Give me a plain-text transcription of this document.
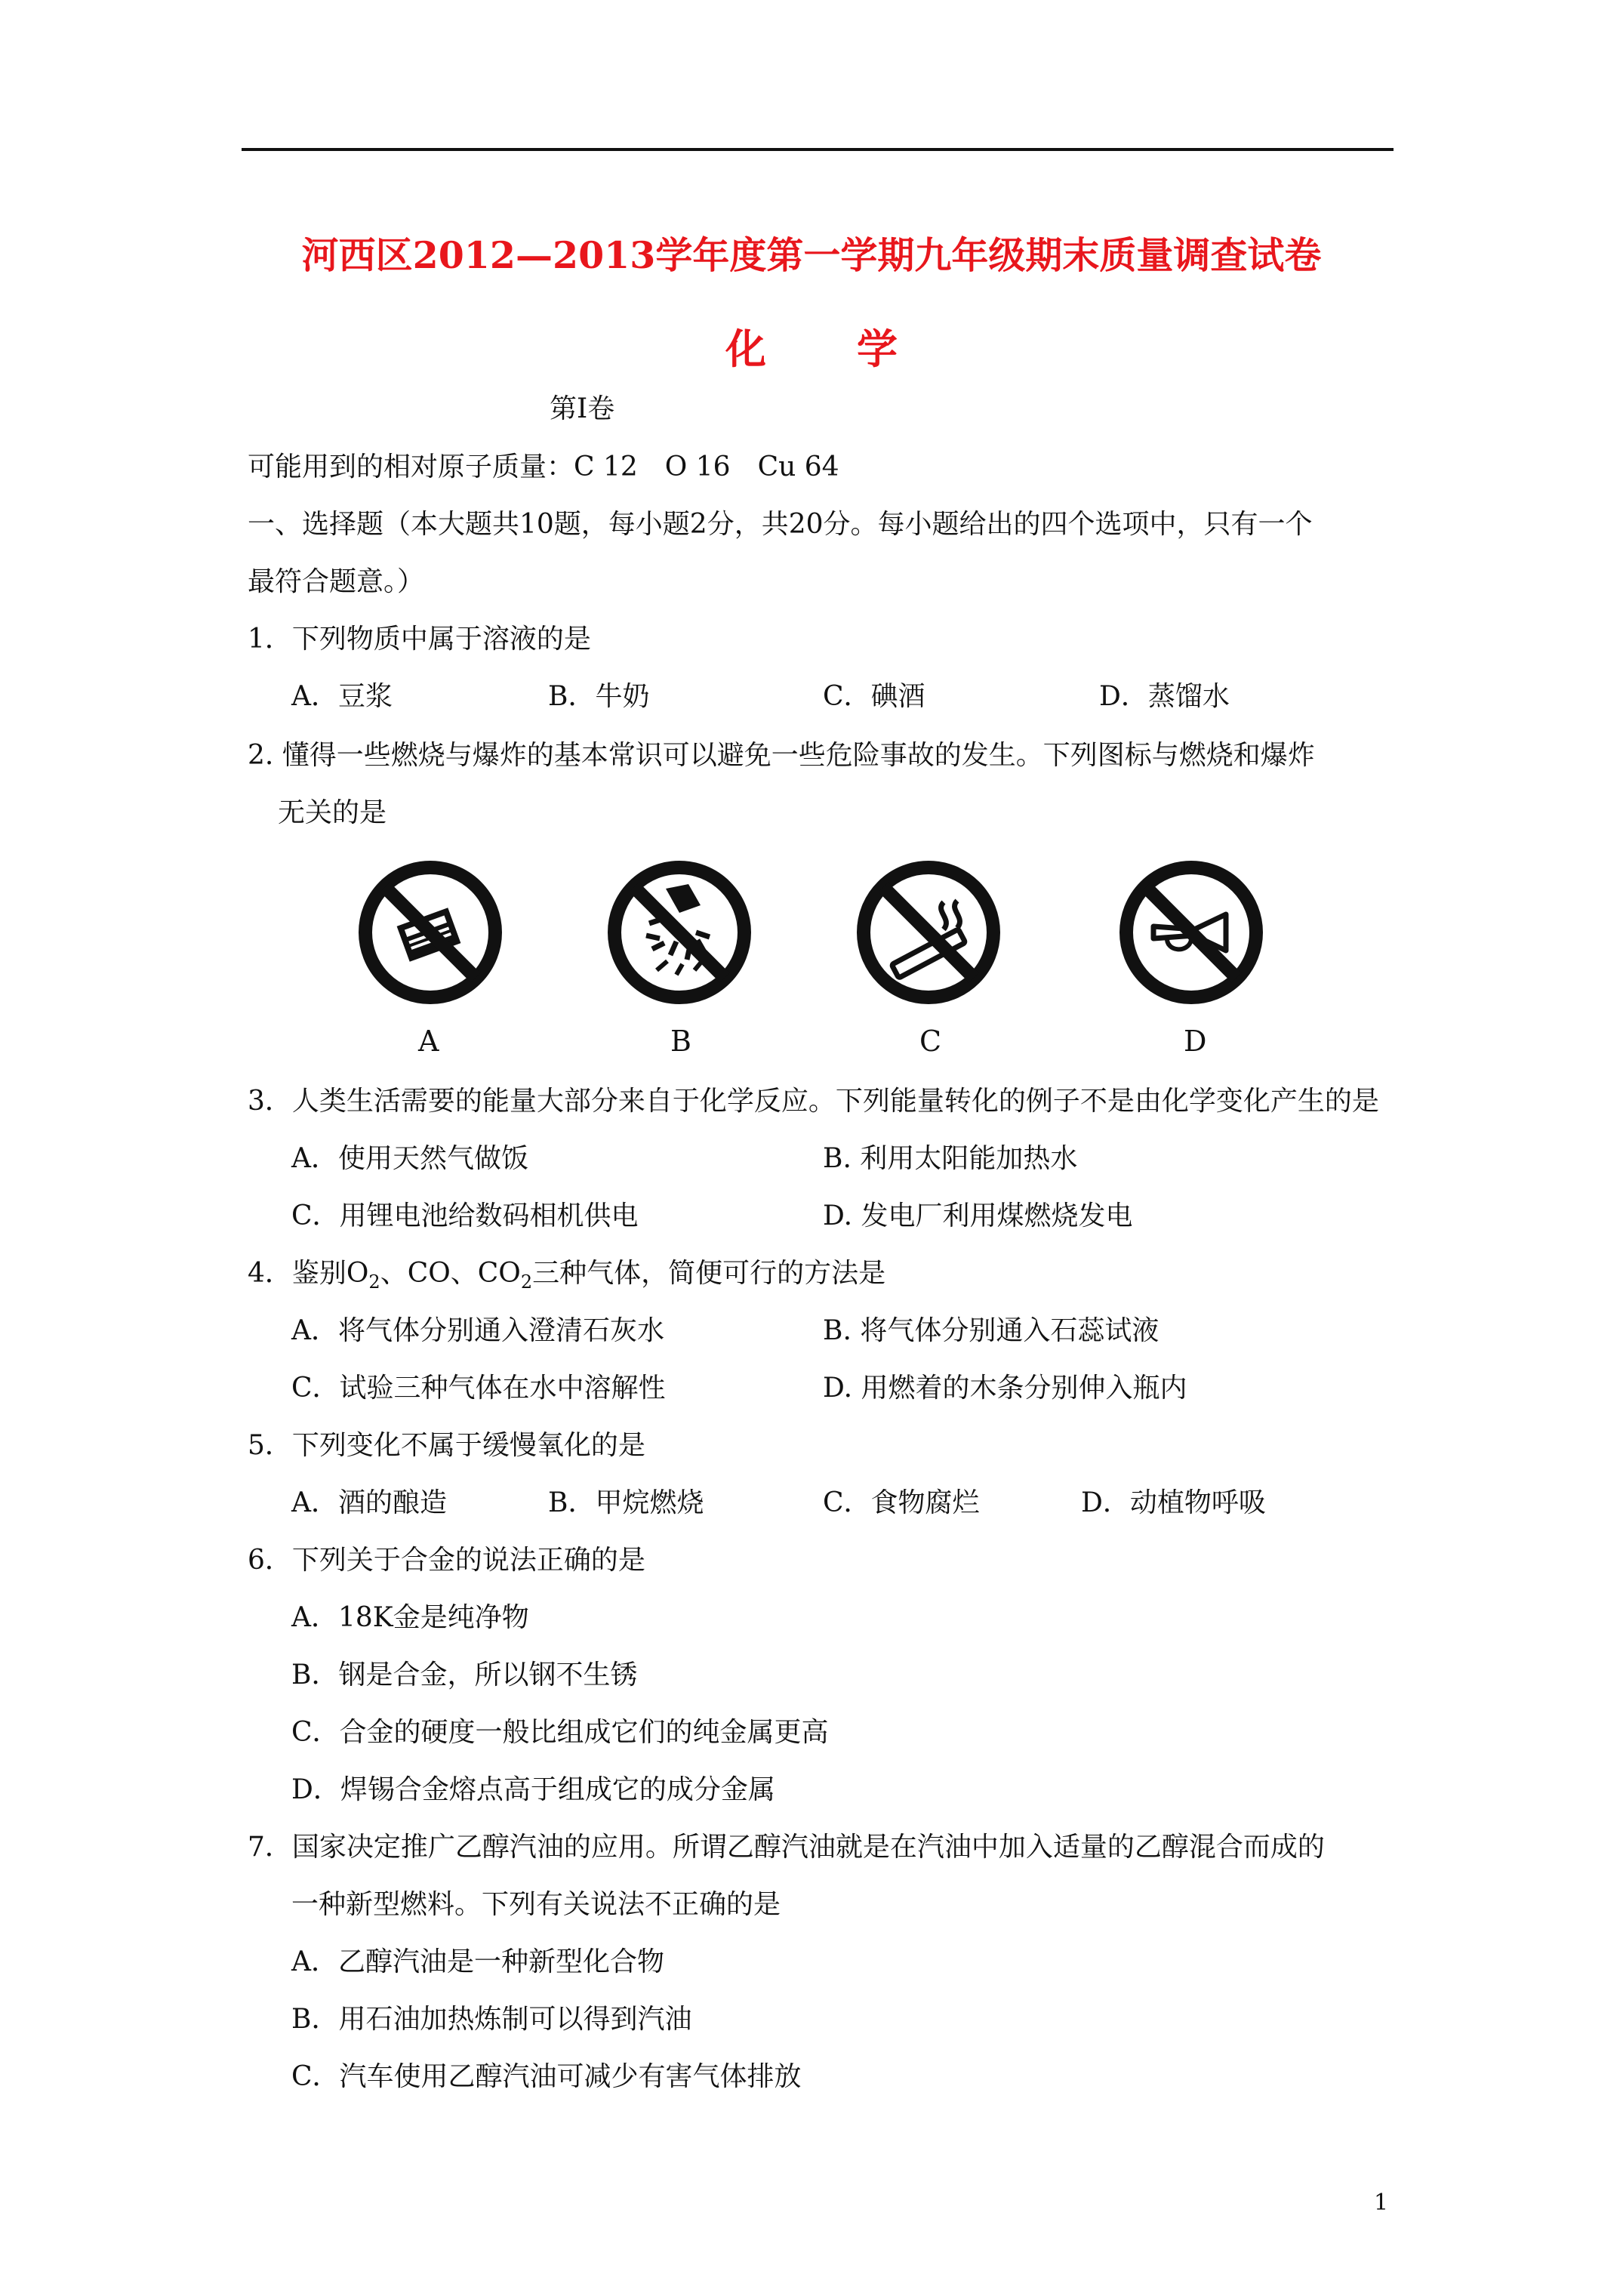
河西区2012—2013学年度第一学期九年级期末质量调查试卷
化 学
第Ⅰ卷
可能用到的相对原子质量：C 12　O 16　Cu 64
一、选择题（本大题共10题，每小题2分，共20分。每小题给出的四个选项中，只有一个
最符合题意。）
1．下列物质中属于溶液的是
A．豆浆	B．牛奶	C．碘酒	D．蒸馏水
2. 懂得一些燃烧与爆炸的基本常识可以避免一些危险事故的发生。下列图标与燃烧和爆炸
无关的是
A	B	C	D
3．人类生活需要的能量大部分来自于化学反应。下列能量转化的例子不是由化学变化产生的是
A．使用天然气做饭	B. 利用太阳能加热水
C．用锂电池给数码相机供电	D. 发电厂利用煤燃烧发电
4．鉴别$O_2$、CO、$CO_2$三种气体，简便可行的方法是
A．将气体分别通入澄清石灰水	B. 将气体分别通入石蕊试液
C．试验三种气体在水中溶解性	D. 用燃着的木条分别伸入瓶内
5．下列变化不属于缓慢氧化的是
A．酒的酿造	B．甲烷燃烧	C．食物腐烂	D．动植物呼吸
6．下列关于合金的说法正确的是
A．18K金是纯净物
B．钢是合金，所以钢不生锈
C．合金的硬度一般比组成它们的纯金属更高
D．焊锡合金熔点高于组成它的成分金属
7．国家决定推广乙醇汽油的应用。所谓乙醇汽油就是在汽油中加入适量的乙醇混合而成的
一种新型燃料。下列有关说法不正确的是
A．乙醇汽油是一种新型化合物
B．用石油加热炼制可以得到汽油
C．汽车使用乙醇汽油可减少有害气体排放
1
